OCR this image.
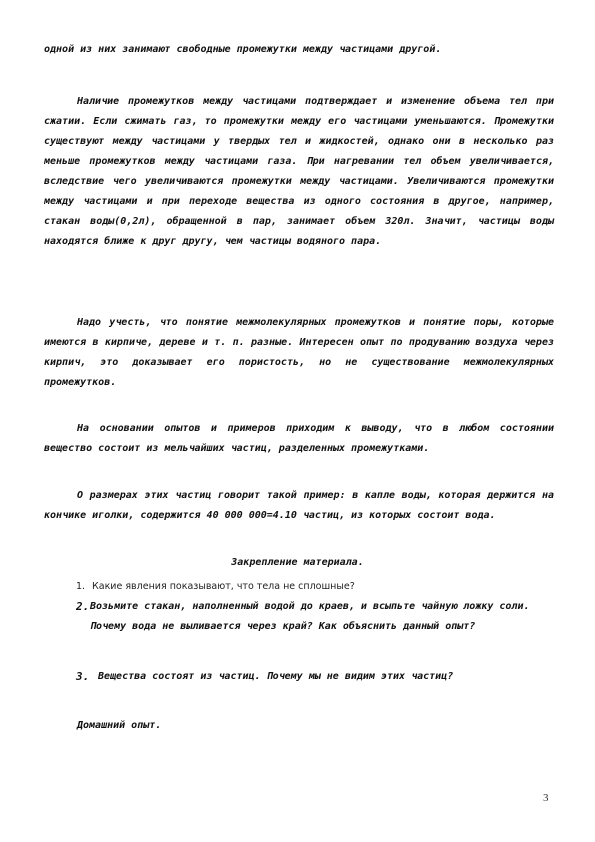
одной из них занимают свободные промежутки между частицами другой.

Наличие промежутков между частицами подтверждает и изменение объема тел при сжатии. Если сжимать газ, то промежутки между его частицами уменьшаются. Промежутки существуют между частицами у твердых тел и жидкостей, однако они в несколько раз меньше промежутков между частицами газа. При нагревании тел объем увеличивается, вследствие чего увеличиваются промежутки между частицами. Увеличиваются промежутки между частицами и при переходе вещества из одного состояния в другое, например, стакан воды(0,2л), обращенной в пар, занимает объем 320л. Значит, частицы воды находятся ближе к друг другу, чем частицы водяного пара.

Надо учесть, что понятие межмолекулярных промежутков и понятие поры, которые имеются в кирпиче, дереве и т. п. разные. Интересен опыт по продуванию воздуха через кирпич, это доказывает его пористость, но не существование межмолекулярных промежутков.

На основании опытов и примеров приходим к выводу, что в любом состоянии вещество состоит из мельчайших частиц, разделенных промежутками.

О размерах этих частиц говорит такой пример: в капле воды, которая держится на кончике иголки, содержится 40 000 000=4.10 частиц, из которых состоит вода.

Закрепление материала.
1. Какие явления показывают, что тела не сплошные?
2. Возьмите стакан, наполненный водой до краев, и всыпьте чайную ложку соли. Почему вода не выливается через край? Как объяснить данный опыт?
3. Вещества состоят из частиц. Почему мы не видим этих частиц?
Домашний опыт.
3
